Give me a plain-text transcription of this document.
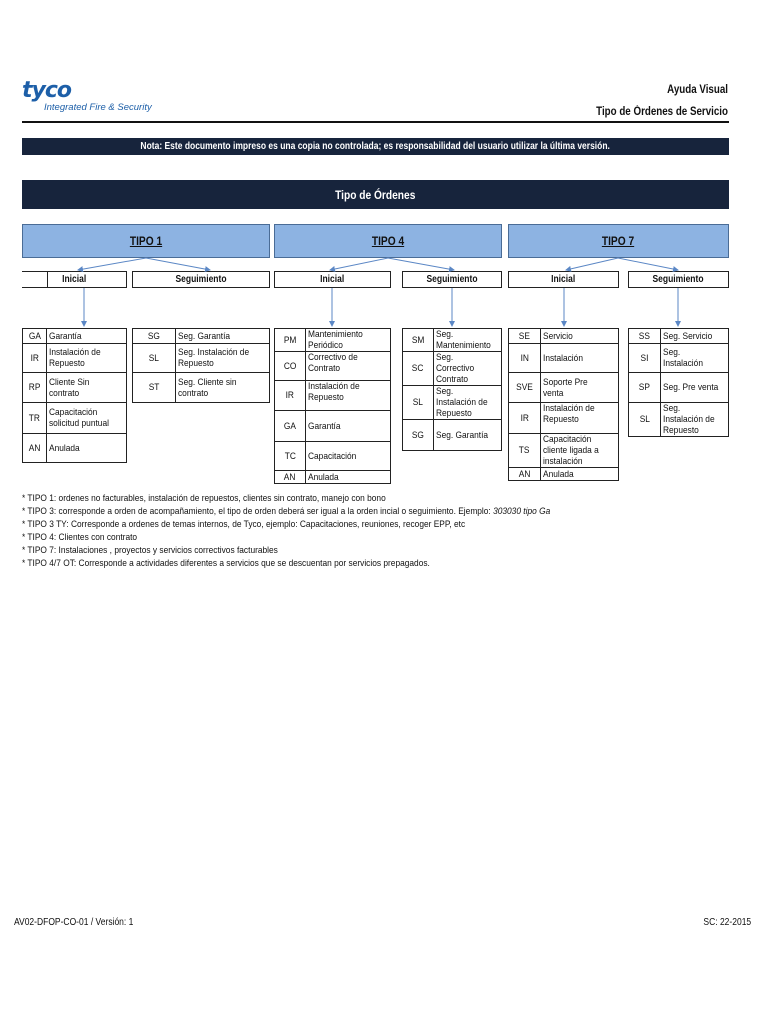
tyco
Integrated Fire & Security
Ayuda Visual
Tipo de Órdenes de Servicio
Nota: Este documento impreso es una copia no controlada; es responsabilidad del usuario utilizar la última versión.
Tipo de Órdenes
TIPO 1	TIPO 4	TIPO 7
Inicial	Seguimiento	Inicial	Seguimiento	Inicial	Seguimiento
GA	Garantía
IR	Instalación de Repuesto
RP	Cliente Sin contrato
TR	Capacitación solicitud puntual
AN	Anulada
SG	Seg. Garantía
SL	Seg. Instalación de Repuesto
ST	Seg. Cliente sin contrato
PM	Mantenimiento Periódico
CO	Correctivo de Contrato
IR	Instalación de Repuesto
GA	Garantía
TC	Capacitación
AN	Anulada
SM	Seg. Mantenimiento
SC	Seg. Correctivo Contrato
SL	Seg. Instalación de Repuesto
SG	Seg. Garantía
SE	Servicio
IN	Instalación
SVE	Soporte Pre venta
IR	Instalación de Repuesto
TS	Capacitación cliente ligada a instalación
AN	Anulada
SS	Seg. Servicio
SI	Seg. Instalación
SP	Seg. Pre venta
SL	Seg. Instalación de Repuesto
* TIPO 1: ordenes no facturables, instalación de repuestos, clientes sin contrato, manejo con bono
* TIPO 3: corresponde a orden de acompañamiento, el tipo de orden deberá ser igual a la orden incial o seguimiento. Ejemplo: 303030 tipo Ga
* TIPO 3 TY: Corresponde a ordenes de temas internos, de Tyco, ejemplo: Capacitaciones, reuniones, recoger EPP, etc
* TIPO 4: Clientes con contrato
* TIPO 7: Instalaciones , proyectos y servicios correctivos facturables
* TIPO 4/7 OT: Corresponde a actividades diferentes a servicios que se descuentan por servicios prepagados.
AV02-DFOP-CO-01 / Versión: 1	SC: 22-2015
